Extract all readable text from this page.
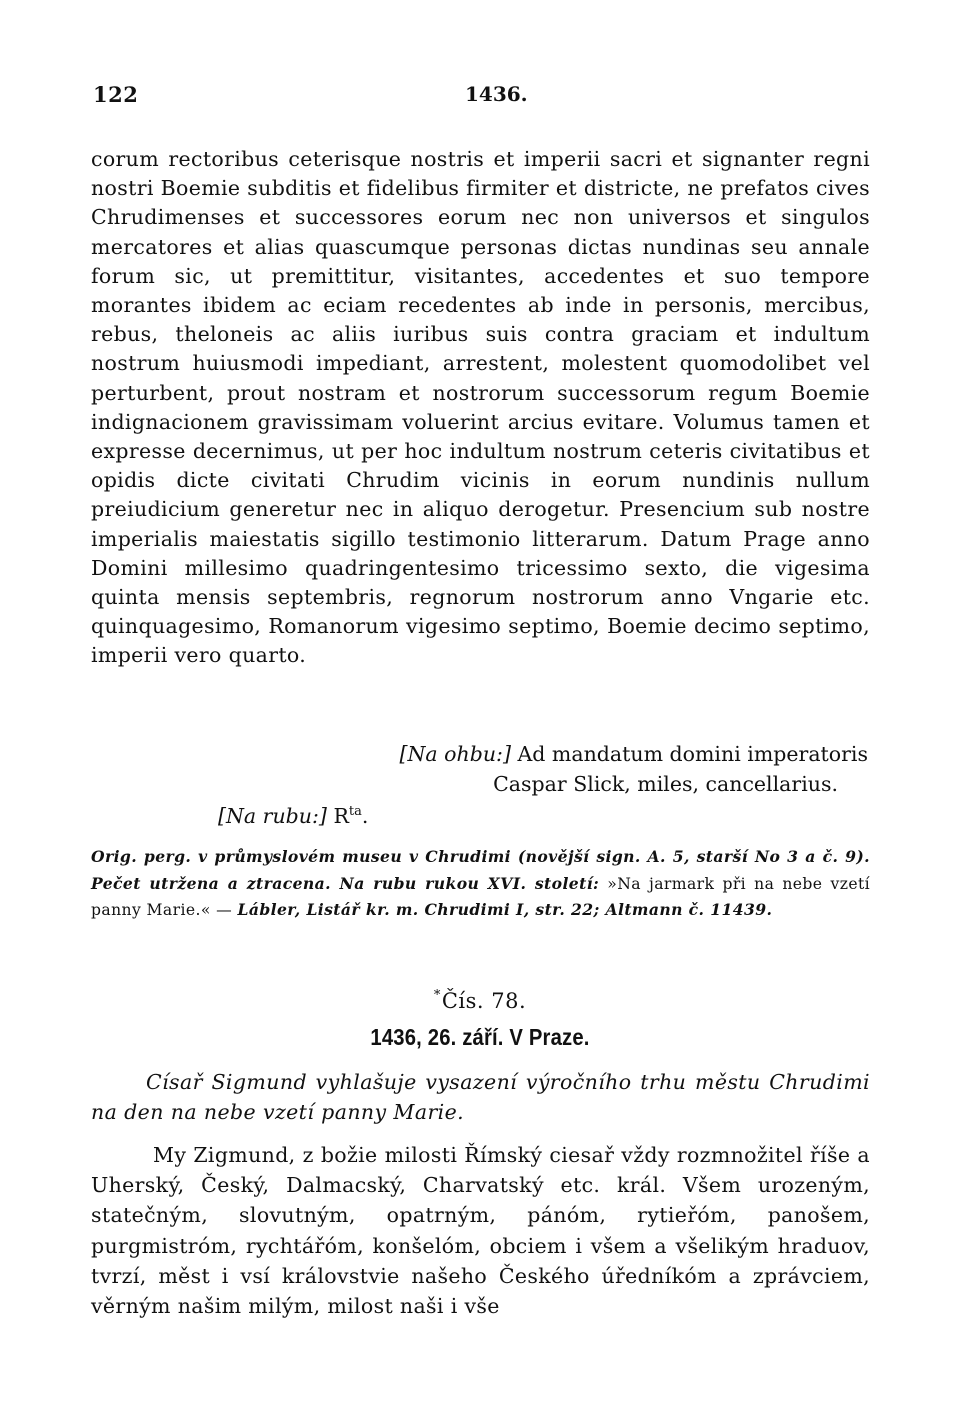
122	1436.

corum rectoribus ceterisque nostris et imperii sacri et signanter regni nostri Boemie subditis et fidelibus firmiter et districte, ne prefatos cives Chrudimenses et successores eorum nec non universos et singulos mercatores et alias quascumque personas dictas nundinas seu annale forum sic, ut premittitur, visitantes, accedentes et suo tempore morantes ibidem ac eciam recedentes ab inde in personis, mercibus, rebus, theloneis ac aliis iuribus suis contra graciam et indultum nostrum huiusmodi impediant, arrestent, molestent quomodolibet vel perturbent, prout nostram et nostrorum successorum regum Boemie indignacionem gravissimam voluerint arcius evitare. Volumus tamen et expresse decernimus, ut per hoc indultum nostrum ceteris civitatibus et opidis dicte civitati Chrudim vicinis in eorum nundinis nullum preiudicium generetur nec in aliquo derogetur. Presencium sub nostre imperialis maiestatis sigillo testimonio litterarum. Datum Prage anno Domini millesimo quadringentesimo tricessimo sexto, die vigesima quinta mensis septembris, regnorum nostrorum anno Vngarie etc. quinquagesimo, Romanorum vigesimo septimo, Boemie decimo septimo, imperii vero quarto.

[Na ohbu:] Ad mandatum domini imperatoris
Caspar Slick, miles, cancellarius.
[Na rubu:] $R^{ta}$.

Orig. perg. v průmyslovém museu v Chrudimi (novější sign. A. 5, starší No 3 a č. 9). Pečet utržena a ztracena. Na rubu rukou XVI. století: »Na jarmark při na nebe vzetí panny Marie.« — Lábler, Listář kr. m. Chrudimi I, str. 22; Altmann č. 11439.

*Čís. 78.
1436, 26. září. V Praze.

Císař Sigmund vyhlašuje vysazení výročního trhu městu Chrudimi na den na nebe vzetí panny Marie.

My Zigmund, z božie milosti Římský ciesař vždy rozmnožitel říše a Uherský, Český, Dalmacský, Charvatský etc. král. Všem urozeným, statečným, slovutným, opatrným, pánóm, rytieřóm, panošem, purgmistróm, rychtářóm, konšelóm, obciem i všem a všelikým hraduov, tvrzí, měst i vsí královstvie našeho Českého úředníkóm a zprávciem, věrným našim milým, milost naši i vše
